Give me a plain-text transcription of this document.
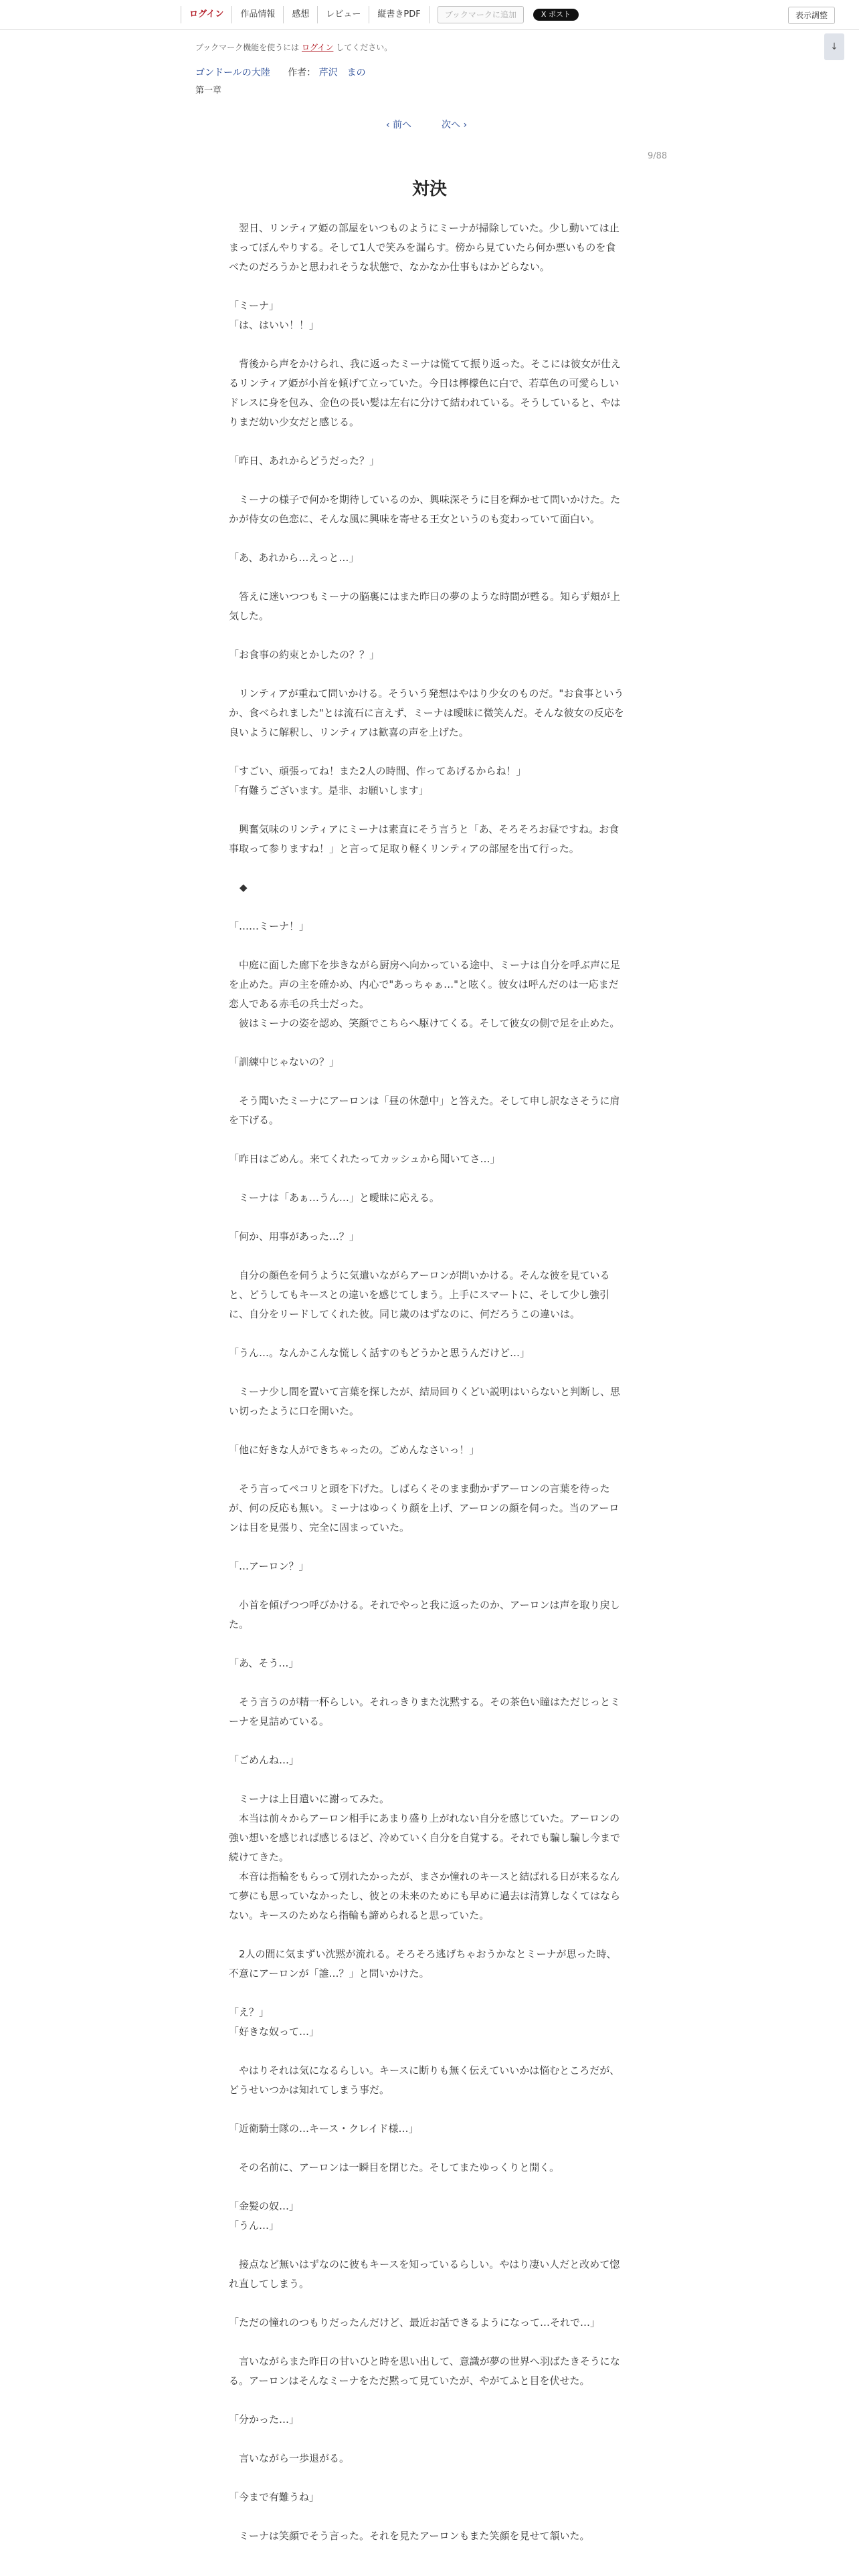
ログイン	作品情報	感想	レビュー	縦書きPDF	ブックマークに追加	X ポスト	表示調整
ブックマーク機能を使うには ログイン してください。	↓
ゴンドールの大陸 作者： 芹沢　まの
第一章
‹ 前へ	次へ ›
9/88
対決

　翌日、リンティア姫の部屋をいつものようにミーナが掃除していた。少し動いては止まってぼんやりする。そして1人で笑みを漏らす。傍から見ていたら何か悪いものを食べたのだろうかと思われそうな状態で、なかなか仕事もはかどらない。

「ミーナ」

「は、はいい！！」

　背後から声をかけられ、我に返ったミーナは慌てて振り返った。そこには彼女が仕えるリンティア姫が小首を傾げて立っていた。今日は檸檬色に白で、若草色の可愛らしいドレスに身を包み、金色の長い髪は左右に分けて結われている。そうしていると、やはりまだ幼い少女だと感じる。

「昨日、あれからどうだった？」

　ミーナの様子で何かを期待しているのか、興味深そうに目を輝かせて問いかけた。たかが侍女の色恋に、そんな風に興味を寄せる王女というのも変わっていて面白い。

「あ、あれから…えっと…」

　答えに迷いつつもミーナの脳裏にはまた昨日の夢のような時間が甦る。知らず頬が上気した。

「お食事の約束とかしたの？？」

　リンティアが重ねて問いかける。そういう発想はやはり少女のものだ。"お食事というか、食べられました"とは流石に言えず、ミーナは曖昧に微笑んだ。そんな彼女の反応を良いように解釈し、リンティアは歓喜の声を上げた。

「すごい、頑張ってね！また2人の時間、作ってあげるからね！」

「有難うございます。是非、お願いします」

　興奮気味のリンティアにミーナは素直にそう言うと「あ、そろそろお昼ですね。お食事取って参りますね！」と言って足取り軽くリンティアの部屋を出て行った。

◆

「……ミーナ！」

　中庭に面した廊下を歩きながら厨房へ向かっている途中、ミーナは自分を呼ぶ声に足を止めた。声の主を確かめ、内心で"あっちゃぁ…"と呟く。彼女は呼んだのは一応まだ恋人である赤毛の兵士だった。

　彼はミーナの姿を認め、笑顔でこちらへ駆けてくる。そして彼女の側で足を止めた。

「訓練中じゃないの？」

　そう聞いたミーナにアーロンは「昼の休憩中」と答えた。そして申し訳なさそうに肩を下げる。

「昨日はごめん。来てくれたってカッシュから聞いてさ…」

　ミーナは「あぁ…うん…」と曖昧に応える。

「何か、用事があった…？」

　自分の顔色を伺うように気遣いながらアーロンが問いかける。そんな彼を見ていると、どうしてもキースとの違いを感じてしまう。上手にスマートに、そして少し強引に、自分をリードしてくれた彼。同じ歳のはずなのに、何だろうこの違いは。

「うん…。なんかこんな慌しく話すのもどうかと思うんだけど…」

　ミーナ少し間を置いて言葉を探したが、結局回りくどい説明はいらないと判断し、思い切ったように口を開いた。

「他に好きな人ができちゃったの。ごめんなさいっ！」

　そう言ってペコリと頭を下げた。しばらくそのまま動かずアーロンの言葉を待ったが、何の反応も無い。ミーナはゆっくり顔を上げ、アーロンの顔を伺った。当のアーロンは目を見張り、完全に固まっていた。

「…アーロン？」

　小首を傾げつつ呼びかける。それでやっと我に返ったのか、アーロンは声を取り戻した。

「あ、そう…」

　そう言うのが精一杯らしい。それっきりまた沈黙する。その茶色い瞳はただじっとミーナを見詰めている。

「ごめんね…」

　ミーナは上目遣いに謝ってみた。

　本当は前々からアーロン相手にあまり盛り上がれない自分を感じていた。アーロンの強い想いを感じれば感じるほど、冷めていく自分を自覚する。それでも騙し騙し今まで続けてきた。

　本音は指輪をもらって別れたかったが、まさか憧れのキースと結ばれる日が来るなんて夢にも思っていなかったし、彼との未来のためにも早めに過去は清算しなくてはならない。キースのためなら指輪も諦められると思っていた。

　2人の間に気まずい沈黙が流れる。そろそろ逃げちゃおうかなとミーナが思った時、不意にアーロンが「誰…？」と問いかけた。

「え？」

「好きな奴って…」

　やはりそれは気になるらしい。キースに断りも無く伝えていいかは悩むところだが、どうせいつかは知れてしまう事だ。

「近衛騎士隊の…キース・クレイド様…」

　その名前に、アーロンは一瞬目を閉じた。そしてまたゆっくりと開く。

「金髪の奴…」

「うん…」

　接点など無いはずなのに彼もキースを知っているらしい。やはり凄い人だと改めて惚れ直してしまう。

「ただの憧れのつもりだったんだけど、最近お話できるようになって…それで…」

　言いながらまた昨日の甘いひと時を思い出して、意識が夢の世界へ羽ばたきそうになる。アーロンはそんなミーナをただ黙って見ていたが、やがてふと目を伏せた。

「分かった…」

　言いながら一歩退がる。

「今まで有難うね」

　ミーナは笑顔でそう言った。それを見たアーロンもまた笑顔を見せて頷いた。
